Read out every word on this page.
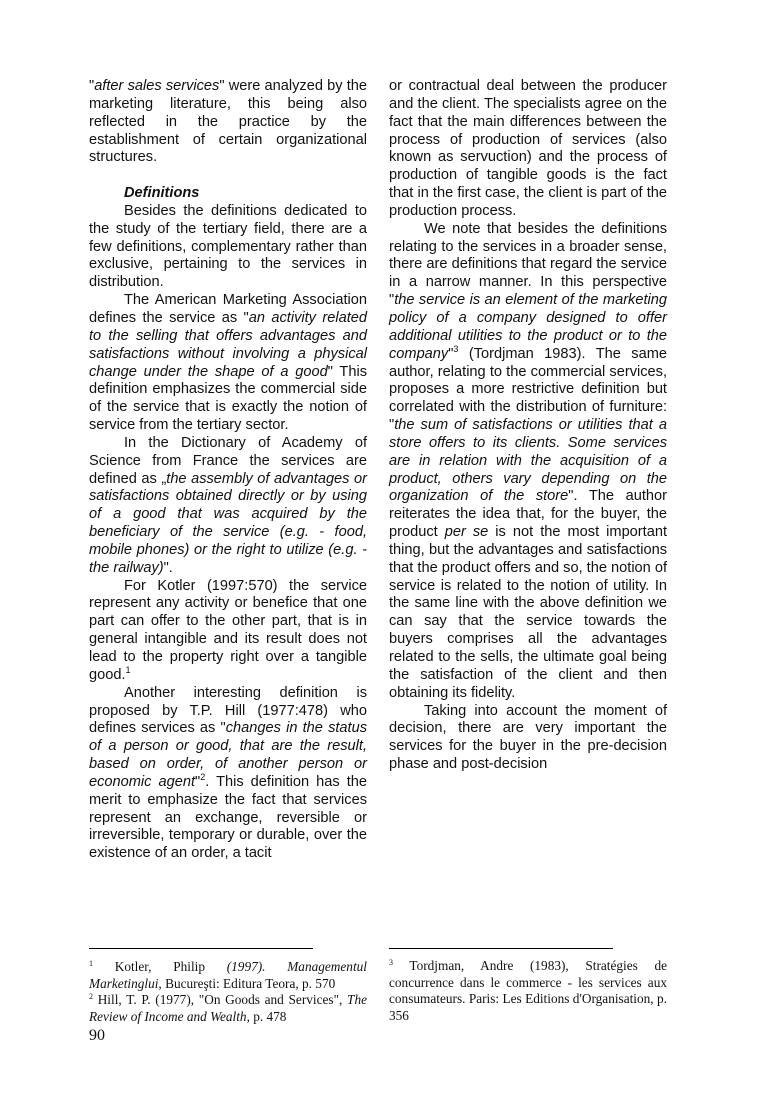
"after sales services" were analyzed by the marketing literature, this being also reflected in the practice by the establishment of certain organizational structures.

Definitions

Besides the definitions dedicated to the study of the tertiary field, there are a few definitions, complementary rather than exclusive, pertaining to the services in distribution.

The American Marketing Association defines the service as "an activity related to the selling that offers advantages and satisfactions without involving a physical change under the shape of a good" This definition emphasizes the commercial side of the service that is exactly the notion of service from the tertiary sector.

In the Dictionary of Academy of Science from France the services are defined as „the assembly of advantages or satisfactions obtained directly or by using of a good that was acquired by the beneficiary of the service (e.g. - food, mobile phones) or the right to utilize (e.g. - the railway)".

For Kotler (1997:570) the service represent any activity or benefice that one part can offer to the other part, that is in general intangible and its result does not lead to the property right over a tangible good.$^1$

Another interesting definition is proposed by T.P. Hill (1977:478) who defines services as "changes in the status of a person or good, that are the result, based on order, of another person or economic agent"$^2$. This definition has the merit to emphasize the fact that services represent an exchange, reversible or irreversible, temporary or durable, over the existence of an order, a tacit

or contractual deal between the producer and the client. The specialists agree on the fact that the main differences between the process of production of services (also known as servuction) and the process of production of tangible goods is the fact that in the first case, the client is part of the production process.

We note that besides the definitions relating to the services in a broader sense, there are definitions that regard the service in a narrow manner. In this perspective "the service is an element of the marketing policy of a company designed to offer additional utilities to the product or to the company"$^3$ (Tordjman 1983). The same author, relating to the commercial services, proposes a more restrictive definition but correlated with the distribution of furniture: "the sum of satisfactions or utilities that a store offers to its clients. Some services are in relation with the acquisition of a product, others vary depending on the organization of the store". The author reiterates the idea that, for the buyer, the product per se is not the most important thing, but the advantages and satisfactions that the product offers and so, the notion of service is related to the notion of utility. In the same line with the above definition we can say that the service towards the buyers comprises all the advantages related to the sells, the ultimate goal being the satisfaction of the client and then obtaining its fidelity.

Taking into account the moment of decision, there are very important the services for the buyer in the pre-decision phase and post-decision

$^1$ Kotler, Philip (1997). Managementul Marketinglui, Bucureşti: Editura Teora, p. 570

$^2$ Hill, T. P. (1977), "On Goods and Services", The Review of Income and Wealth, p. 478

$^3$ Tordjman, Andre (1983), Stratégies de concurrence dans le commerce - les services aux consumateurs. Paris: Les Editions d'Organisation, p. 356

90
